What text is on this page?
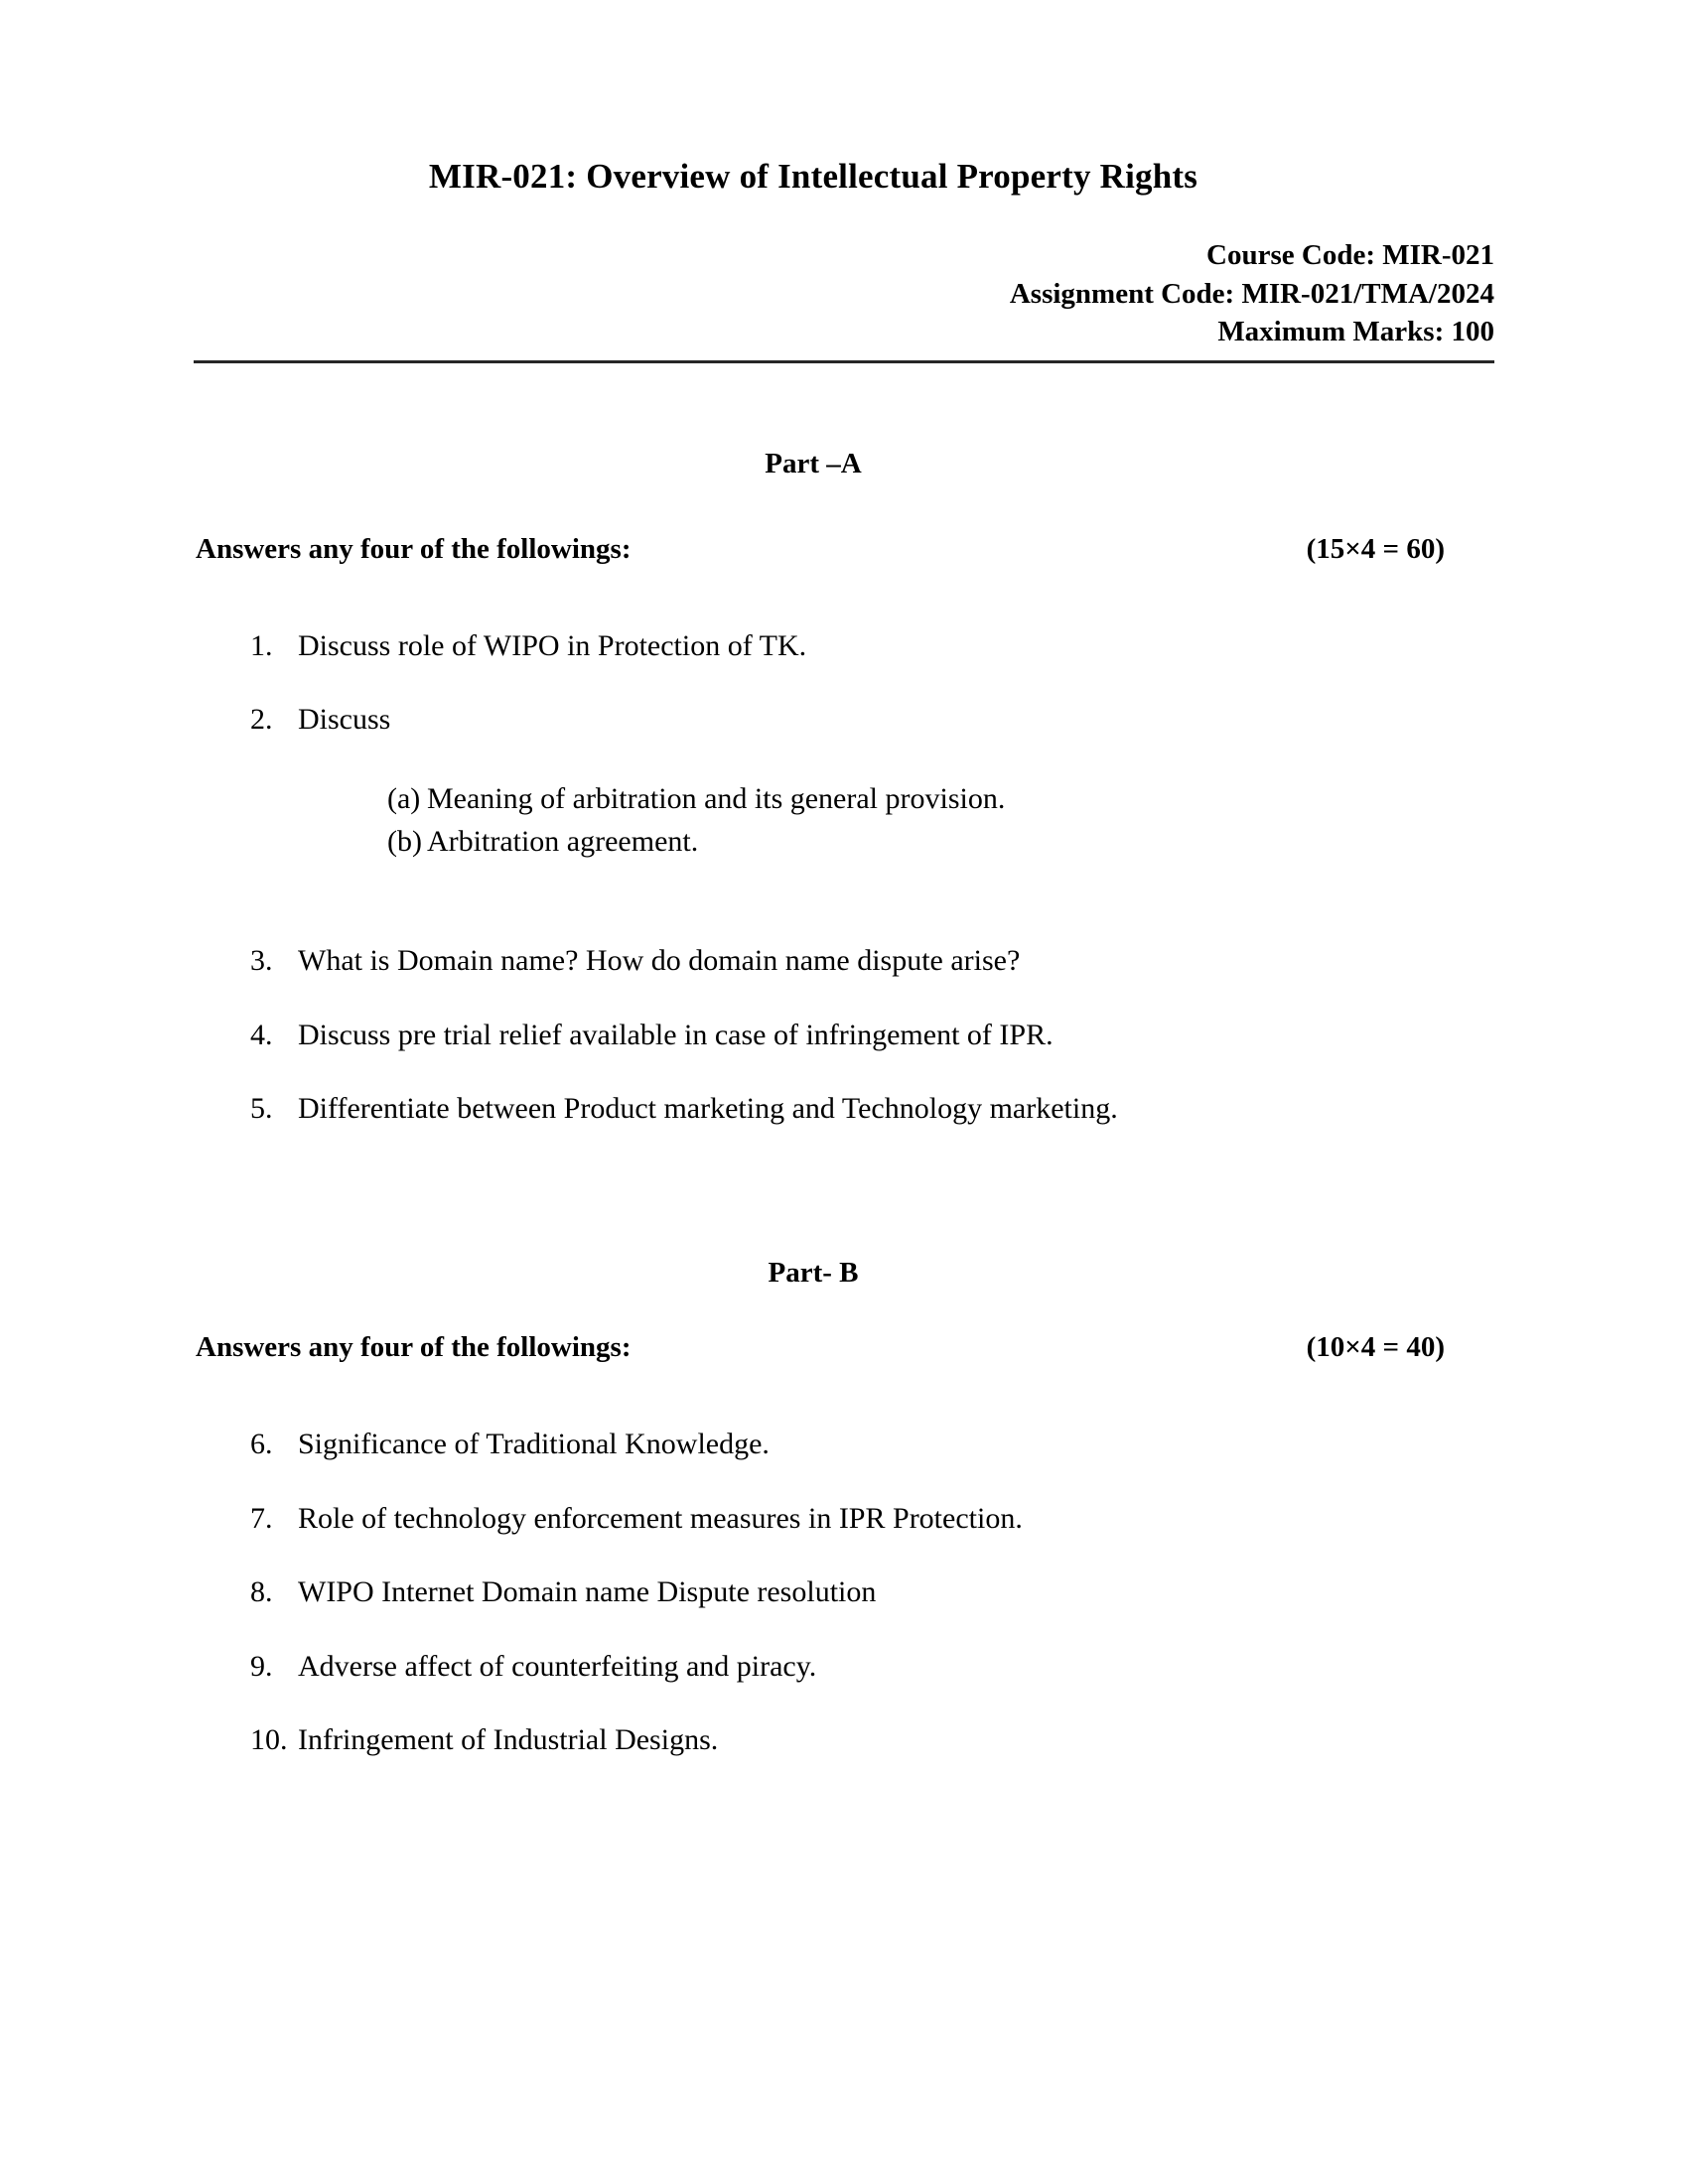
MIR-021: Overview of Intellectual Property Rights
Course Code: MIR-021
Assignment Code: MIR-021/TMA/2024
Maximum Marks: 100
Part –A
Answers any four of the followings:	(15×4 = 60)
1. Discuss role of WIPO in Protection of TK.
2. Discuss
(a) Meaning of arbitration and its general provision.
(b) Arbitration agreement.
3. What is Domain name? How do domain name dispute arise?
4. Discuss pre trial relief available in case of infringement of IPR.
5. Differentiate between Product marketing and Technology marketing.
Part- B
Answers any four of the followings:	(10×4 = 40)
6. Significance of Traditional Knowledge.
7. Role of technology enforcement measures in IPR Protection.
8. WIPO Internet Domain name Dispute resolution
9. Adverse affect of counterfeiting and piracy.
10. Infringement of Industrial Designs.
